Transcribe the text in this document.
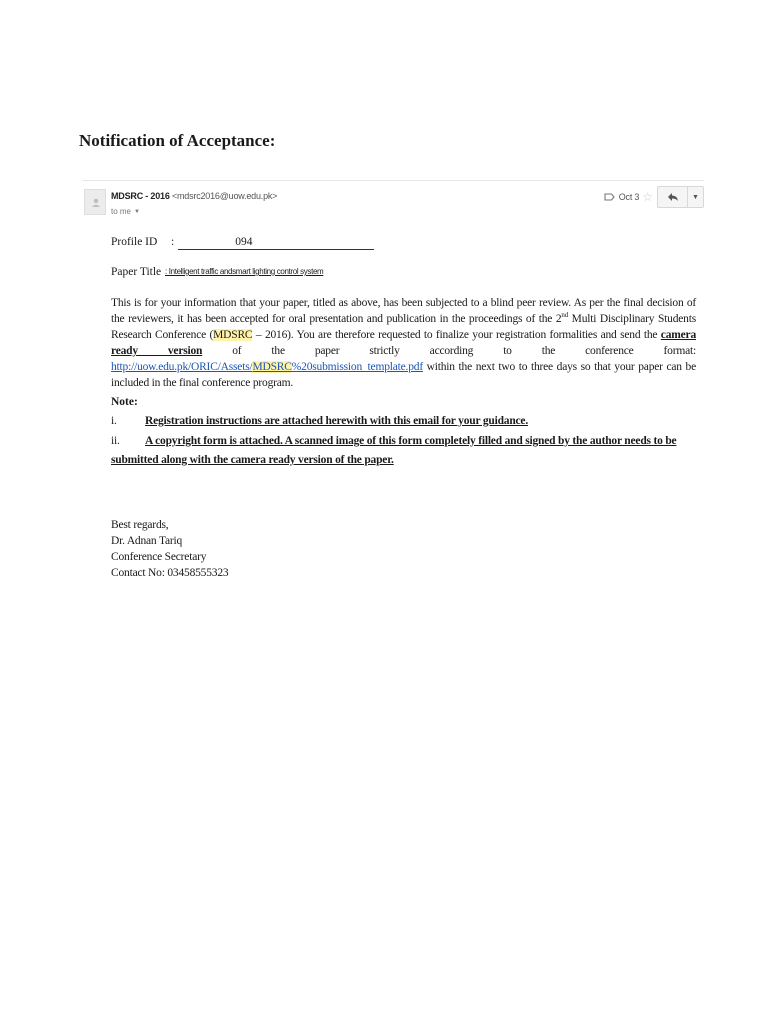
Notification of Acceptance:
MDSRC - 2016 <mdsrc2016@uow.edu.pk>
to me ▼
Oct 3 ☆	▼
Profile ID :	094
Paper Title : Intelligent traffic andsmart lighting control system

This is for your information that your paper, titled as above, has been subjected to a blind peer review. As per the final decision of the reviewers, it has been accepted for oral presentation and publication in the proceedings of the 2nd Multi Disciplinary Students Research Conference (MDSRC – 2016). You are therefore requested to finalize your registration formalities and send the camera ready version of the paper strictly according to the conference format: http://uow.edu.pk/ORIC/Assets/MDSRC%20submission_template.pdf within the next two to three days so that your paper can be included in the final conference program.

Note:
i. Registration instructions are attached herewith with this email for your guidance.
ii. A copyright form is attached. A scanned image of this form completely filled and signed by the author needs to be submitted along with the camera ready version of the paper.
Best regards,
Dr. Adnan Tariq
Conference Secretary
Contact No: 03458555323
